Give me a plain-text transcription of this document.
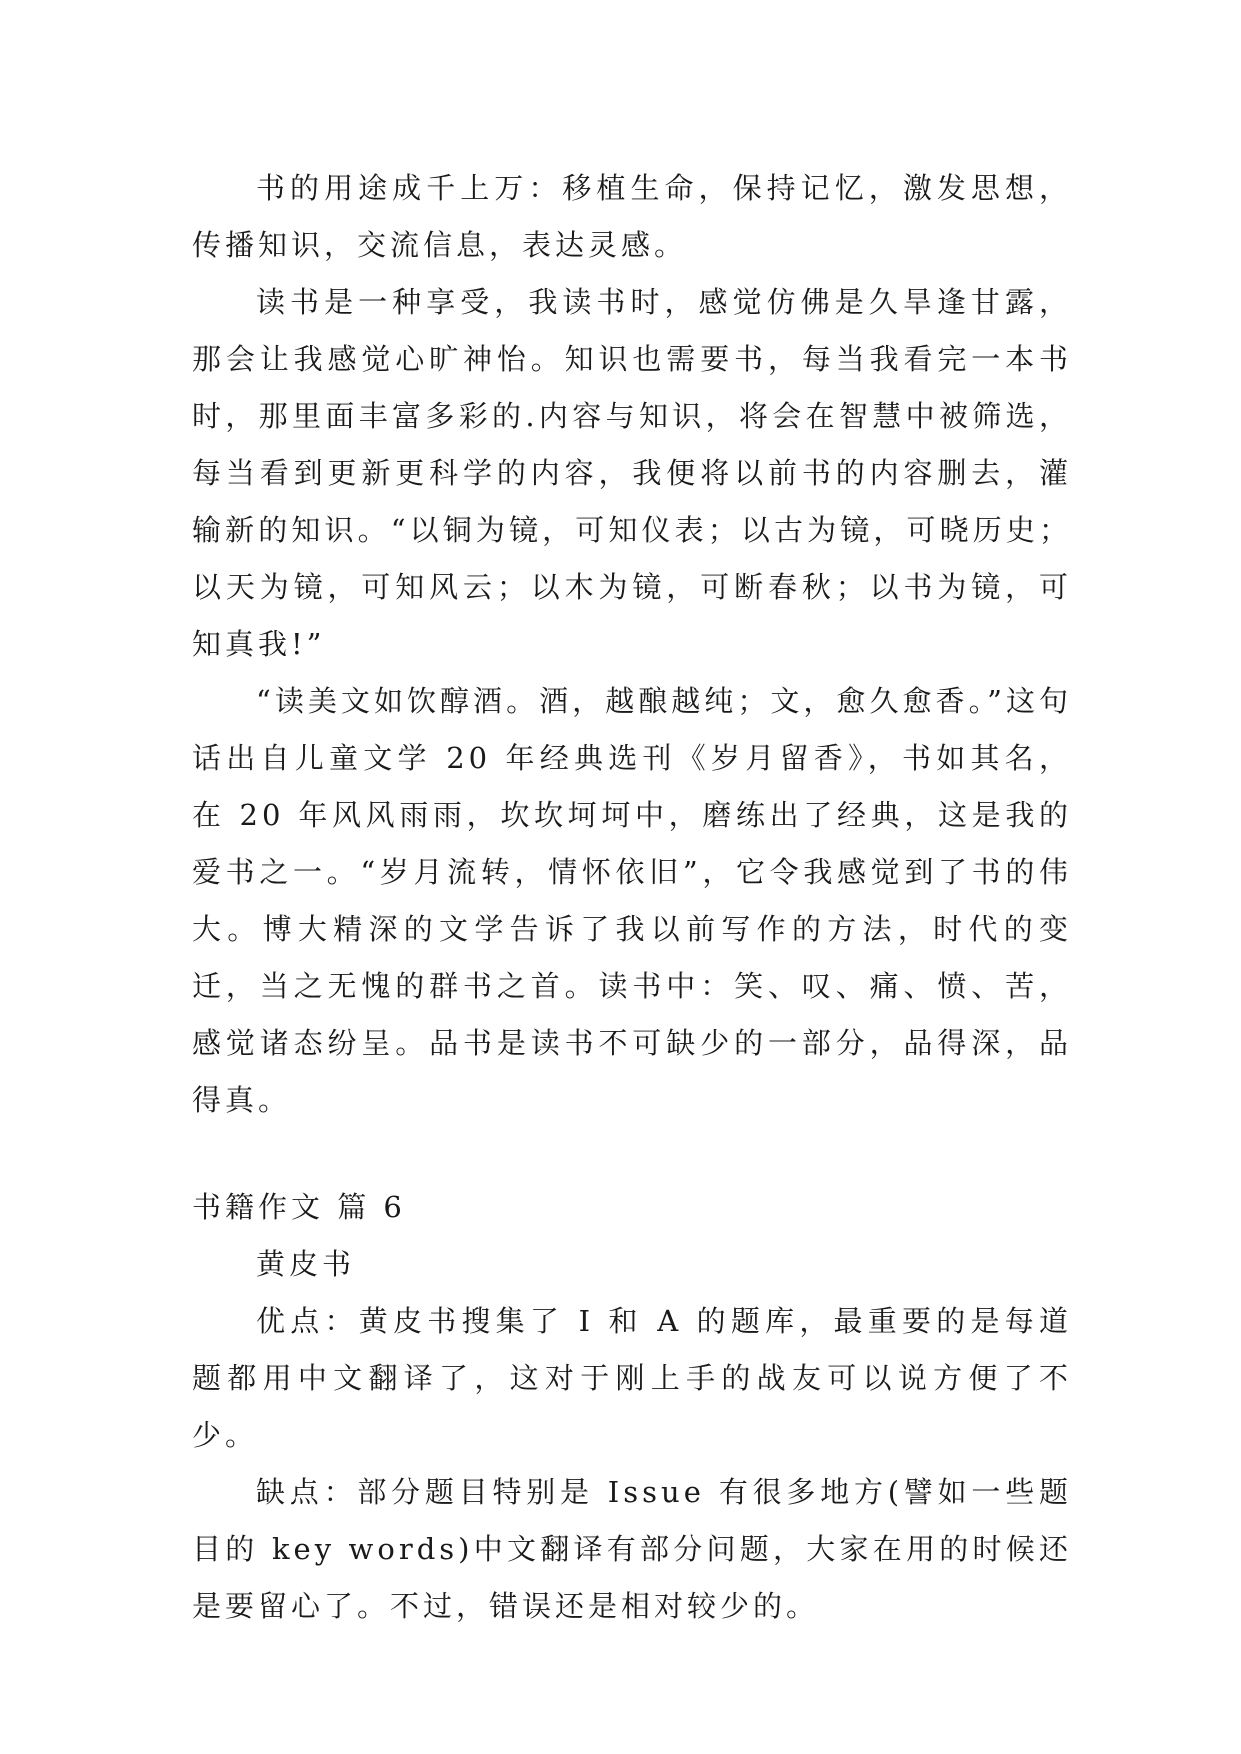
书的用途成千上万：移植生命，保持记忆，激发思想，传播知识，交流信息，表达灵感。

读书是一种享受，我读书时，感觉仿佛是久旱逢甘露，那会让我感觉心旷神怡。知识也需要书，每当我看完一本书时，那里面丰富多彩的.内容与知识，将会在智慧中被筛选，每当看到更新更科学的内容，我便将以前书的内容删去，灌输新的知识。“以铜为镜，可知仪表；以古为镜，可晓历史；以天为镜，可知风云；以木为镜，可断春秋；以书为镜，可知真我!”

“读美文如饮醇酒。酒，越酿越纯；文，愈久愈香。”这句话出自儿童文学 20 年经典选刊《岁月留香》，书如其名，在 20 年风风雨雨，坎坎坷坷中，磨练出了经典，这是我的爱书之一。“岁月流转，情怀依旧”，它令我感觉到了书的伟大。博大精深的文学告诉了我以前写作的方法，时代的变迁，当之无愧的群书之首。读书中：笑、叹、痛、愤、苦，感觉诸态纷呈。品书是读书不可缺少的一部分，品得深，品得真。

书籍作文 篇 6

黄皮书

优点：黄皮书搜集了 I 和 A 的题库，最重要的是每道题都用中文翻译了，这对于刚上手的战友可以说方便了不少。

缺点：部分题目特别是 Issue 有很多地方(譬如一些题目的 key words)中文翻译有部分问题，大家在用的时候还是要留心了。不过，错误还是相对较少的。
